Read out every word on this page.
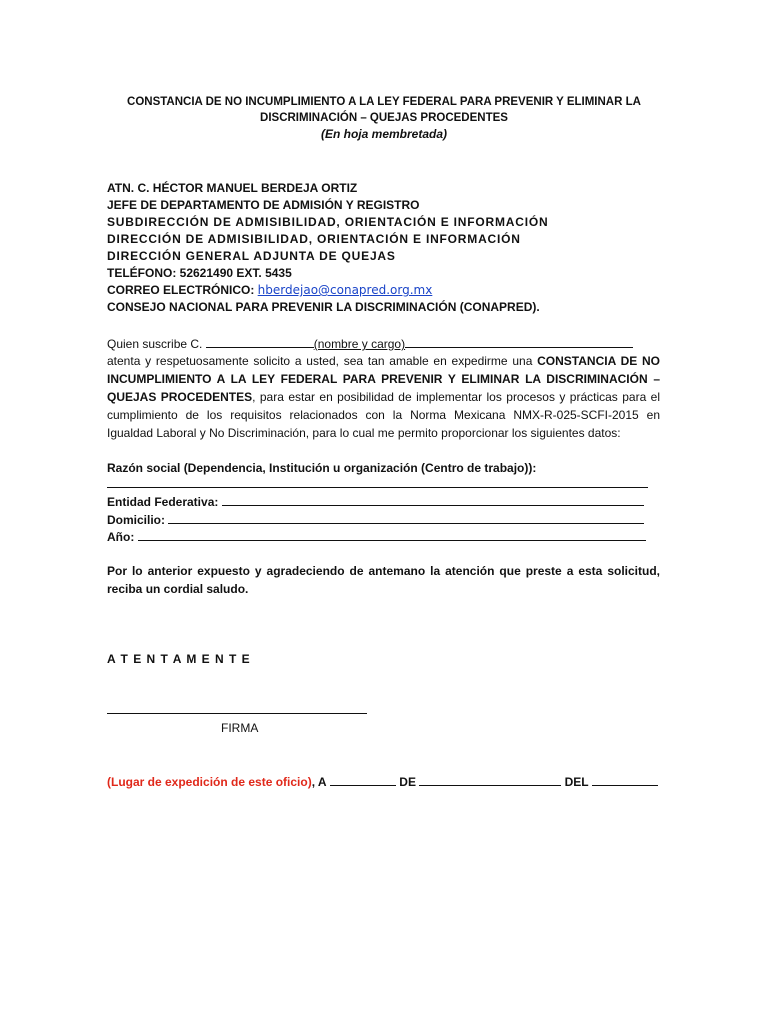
CONSTANCIA DE NO INCUMPLIMIENTO A LA LEY FEDERAL PARA PREVENIR Y ELIMINAR LA
DISCRIMINACIÓN – QUEJAS PROCEDENTES
(En hoja membretada)
ATN. C. HÉCTOR MANUEL BERDEJA ORTIZ
JEFE DE DEPARTAMENTO DE ADMISIÓN Y REGISTRO
SUBDIRECCIÓN DE ADMISIBILIDAD, ORIENTACIÓN E INFORMACIÓN
DIRECCIÓN DE ADMISIBILIDAD, ORIENTACIÓN E INFORMACIÓN
DIRECCIÓN GENERAL ADJUNTA DE QUEJAS
TELÉFONO: 52621490 EXT. 5435
CORREO ELECTRÓNICO: hberdejao@conapred.org.mx
CONSEJO NACIONAL PARA PREVENIR LA DISCRIMINACIÓN (CONAPRED).
Quien suscribe C.	(nombre y cargo)
atenta y respetuosamente solicito a usted, sea tan amable en expedirme una CONSTANCIA DE NO INCUMPLIMIENTO A LA LEY FEDERAL PARA PREVENIR Y ELIMINAR LA DISCRIMINACIÓN – QUEJAS PROCEDENTES, para estar en posibilidad de implementar los procesos y prácticas para el cumplimiento de los requisitos relacionados con la Norma Mexicana NMX-R-025-SCFI-2015 en Igualdad Laboral y No Discriminación, para lo cual me permito proporcionar los siguientes datos:
Razón social (Dependencia, Institución u organización (Centro de trabajo)):
Entidad Federativa:
Domicilio:
Año:
Por lo anterior expuesto y agradeciendo de antemano la atención que preste a esta solicitud, reciba un cordial saludo.
A T E N T A M E N T E
FIRMA
(Lugar de expedición de este oficio), A	DE	DEL
